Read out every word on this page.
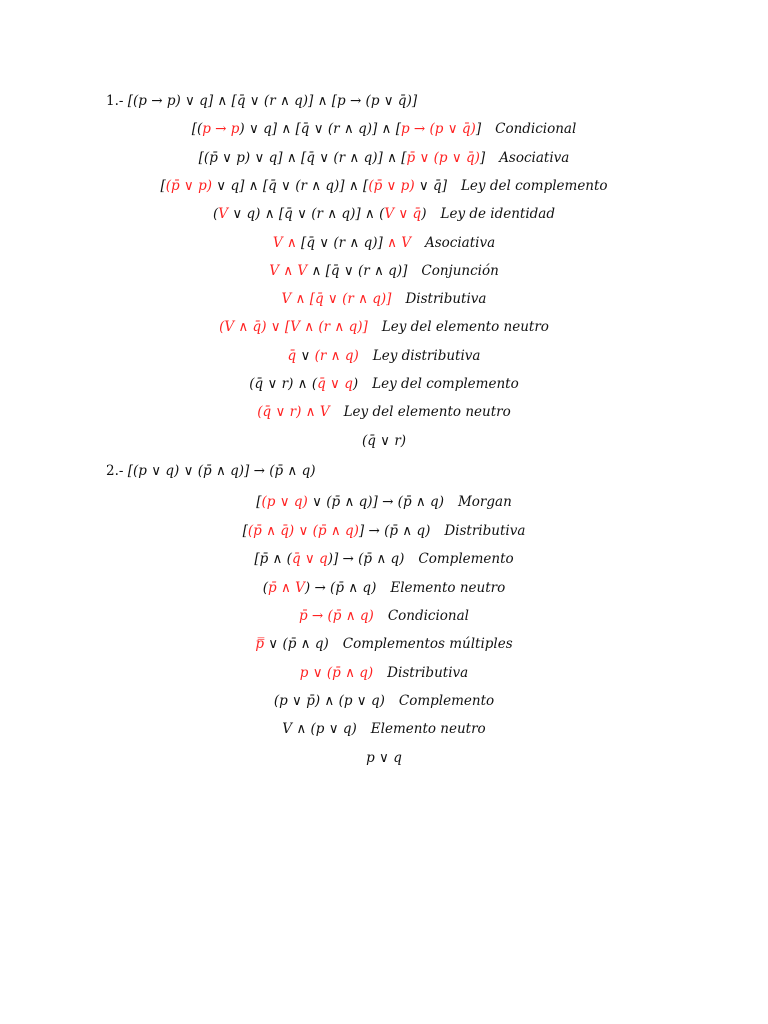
1.- [(p → p) ∨ q] ∧ [q̄ ∨ (r ∧ q)] ∧ [p → (p ∨ q̄)]
[(p → p) ∨ q] ∧ [q̄ ∨ (r ∧ q)] ∧ [p → (p ∨ q̄)] Condicional
[(p̄ ∨ p) ∨ q] ∧ [q̄ ∨ (r ∧ q)] ∧ [p̄ ∨ (p ∨ q̄)] Asociativa
[(p̄ ∨ p) ∨ q] ∧ [q̄ ∨ (r ∧ q)] ∧ [(p̄ ∨ p) ∨ q̄] Ley del complemento
(V ∨ q) ∧ [q̄ ∨ (r ∧ q)] ∧ (V ∨ q̄) Ley de identidad
V ∧ [q̄ ∨ (r ∧ q)] ∧ V Asociativa
V ∧ V ∧ [q̄ ∨ (r ∧ q)] Conjunción
V ∧ [q̄ ∨ (r ∧ q)] Distributiva
(V ∧ q̄) ∨ [V ∧ (r ∧ q)] Ley del elemento neutro
q̄ ∨ (r ∧ q) Ley distributiva
(q̄ ∨ r) ∧ (q̄ ∨ q) Ley del complemento
(q̄ ∨ r) ∧ V Ley del elemento neutro
(q̄ ∨ r)
2.- [(p ∨ q) ∨ (p̄ ∧ q)] → (p̄ ∧ q)
[(p ∨ q) ∨ (p̄ ∧ q)] → (p̄ ∧ q) Morgan
[(p̄ ∧ q̄) ∨ (p̄ ∧ q)] → (p̄ ∧ q) Distributiva
[p̄ ∧ (q̄ ∨ q)] → (p̄ ∧ q) Complemento
(p̄ ∧ V) → (p̄ ∧ q) Elemento neutro
p̄ → (p̄ ∧ q) Condicional
p̿ ∨ (p̄ ∧ q) Complementos múltiples
p ∨ (p̄ ∧ q) Distributiva
(p ∨ p̄) ∧ (p ∨ q) Complemento
V ∧ (p ∨ q) Elemento neutro
p ∨ q
